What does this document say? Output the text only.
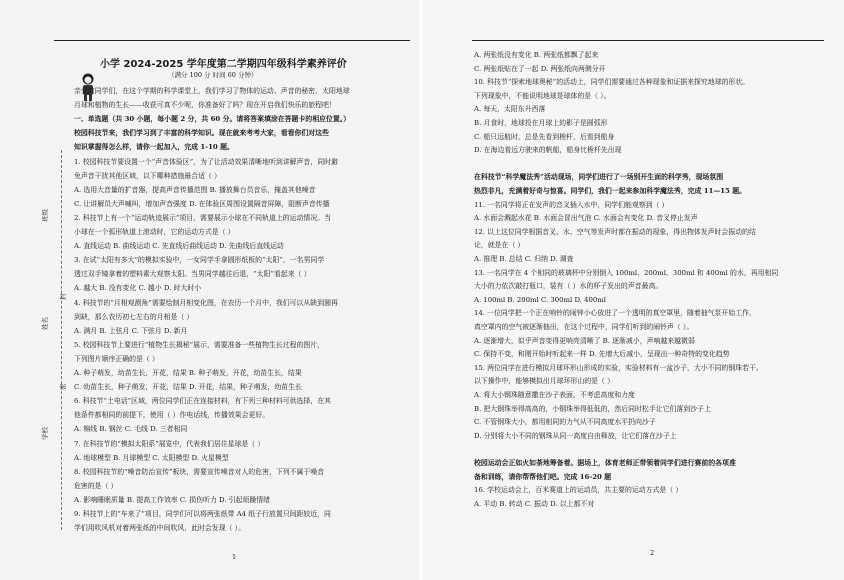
小学 2024-2025 学年度第二学期四年级科学素养评价
（满分 100 分 时间 60 分钟）
班级
姓名
学校
封
密
亲爱的同学们，在这个学期的科学课堂上，我们学习了物体的运动、声音的秘密、太阳地球
月球和植物的生长——收获可真不少呢，你准备好了吗？现在开启我们快乐的旅程吧！
一、单选题（共 30 小题，每小题 2 分，共 60 分。请将答案填涂在答题卡的相应位置。）
校园科技节来，我们学习到了丰富的科学知识。现在就来考考大家，看看你们对这些
知识掌握得怎么样，请你一起加入，完成 1-10 题。
1. 校园科技节要设置一个“声音体验区”，为了让活动效果清晰地听到讲解声音，同时避
免声音干扰其他区域，以下哪种措施最合适（ ）
A. 选用大音量的扩音器，提高声音传播范围 B. 播放舞台员音乐，掩盖其他噪音
C. 让讲解员大声喊叫，增加声音强度 D. 在体验区周围设置隔音屏障，阻断声音传播
2. 科技节上有一个“运动轨迹展示”项目，需要展示小球在不同轨道上的运动情况。当
小球在一个弧形轨道上滚动时，它的运动方式是（ ）
A. 直线运动 B. 曲线运动 C. 先直线后曲线运动 D. 先曲线后直线运动
3. 在试“太阳有多大”的模拟实验中，一女同学手拿圆形纸板的“太阳”，一名男同学
透过双手镜拿着的塑料素大观察太阳。当男同学越往后退，“太阳”看起来（ ）
A. 越大 B. 没有变化 C. 越小 D. 时大时小
4. 科技节的“月相观测角”需要绘制月相变化图，在农历一个月中，我们可以从缺到圆再
到缺，那么农历初七左右的月相是（ ）
A. 满月 B. 上弦月 C. 下弦月 D. 新月
5. 校园科技节上要进行“植物生长揭秘”展示，需要准备一些植物生长过程的图片，
下列图片顺序正确的是（ ）
A. 种子萌发，幼苗生长，开花，结果 B. 种子萌发，开花，幼苗生长，结果
C. 幼苗生长，种子萌发，开花，结果 D. 开花，结果，种子萌发，幼苗生长
6. 科技节“土电话”区域，两位同学们正在连接材料，有下列三种材料可供选择，在其
他条件都相同的前提下，使用（ ）作电话线，传播效果会更好。
A. 棉线 B. 钢丝 C. 毛线 D. 三者相同
7. 在科技节的“模拟太阳系”展览中，代表我们居住星球是（ ）
A. 地球模型 B. 月球模型 C. 太阳模型 D. 火星模型
8. 校园科技节的“噪音防治宣传”板块，需要宣传噪音对人的危害，下列不属于噪音
危害的是（ ）
A. 影响睡眠质量 B. 提高工作效率 C. 损伤听力 D. 引起烦躁情绪
9. 科技节上的“车来了”项目，同学们可以将两张纸带 A4 纸子行放置只间距较近，同
学们用吹风机对着两张纸的中间吹风，此时会发现（ ）。
1
A. 两张纸没有变化 B. 两张纸都飘了起来
C. 两张纸贴在了一起 D. 两张纸向两侧分开
10. 科技节“探索地球奥秘”的活动上，同学们需要通过各种现象和证据来探究地球的形状。
下列现象中，不能说明地球是球体的是（ ）。
A. 每天，太阳东升西落
B. 月食时，地球投在月球上的影子是圆弧形
C. 船只远航时，总是先看到桅杆，后看到船身
D. 在海边看远方驶来的帆船，船身比桅杆先出现
在科技节“科学魔法秀”活动现场，同学们进行了一场别开生面的科学秀，现场氛围
热烈非凡，充满着好奇与惊喜。同学们，我们一起来参加科学魔法秀，完成 11—15 题。
11. 一名同学将正在发声的音叉插入水中，同学们能观察到（ ）
A. 水面会溅起水花 B. 水面会冒出气泡 C. 水面会有变化 D. 音叉停止发声
12. 以上这位同学根据音叉、水、空气等发声时都在振动的现象，得出物体发声时会振动的结
论，就是在（ ）
A. 推理 B. 总结 C. 归纳 D. 调查
13. 一名同学在 4 个相同的玻璃杯中分别倒入 100ml、200ml、300ml 和 400ml 的水，再用相同
大小的力依次敲打瓶口，装有（ ）水的杯子发出的声音最高。
A. 100ml B. 200ml C. 300ml D. 400ml
14. 一位同学把一个正在响铃的闹钟小心放进了一个透明的真空罩里，随着抽气泵开始工作，
真空罩内的空气被逐渐抽出，在这个过程中，同学们听到的闹铃声（ ）。
A. 逐渐增大，似乎声音变得更响亮清晰了 B. 逐渐减小，声响越来越微弱
C. 保持不变，和刚开始时听起来一样 D. 先增大后减小，呈现出一种奇特的变化趋势
15. 两位同学在进行模拟月球环形山形成的实验，实验材料有一盆沙子，大小不同的钢珠若干。
以下操作中，能够模拟出月球环形山的是（ ）
A. 将大小钢珠随意撒在沙子表面，不考虑高度和力度
B. 把大钢珠举得高高的，小钢珠举得低低的，然后同时松手让它们落到沙子上
C. 不管钢珠大小，都用相同的力气从不同高度水平扔向沙子
D. 分别将大小不同的钢珠从同一高度自由释放，让它们落在沙子上
校园运动会正如火如荼地筹备着。据场上，体育老师正带领着同学们进行赛前的各项准
备和训练，请你帮帮他们吧。完成 16-20 题
16. 学校运动会上，百米赛道上的运动员，共主要的运动方式是（ ）
A. 平动 B. 转动 C. 振动 D. 以上都不对
2
